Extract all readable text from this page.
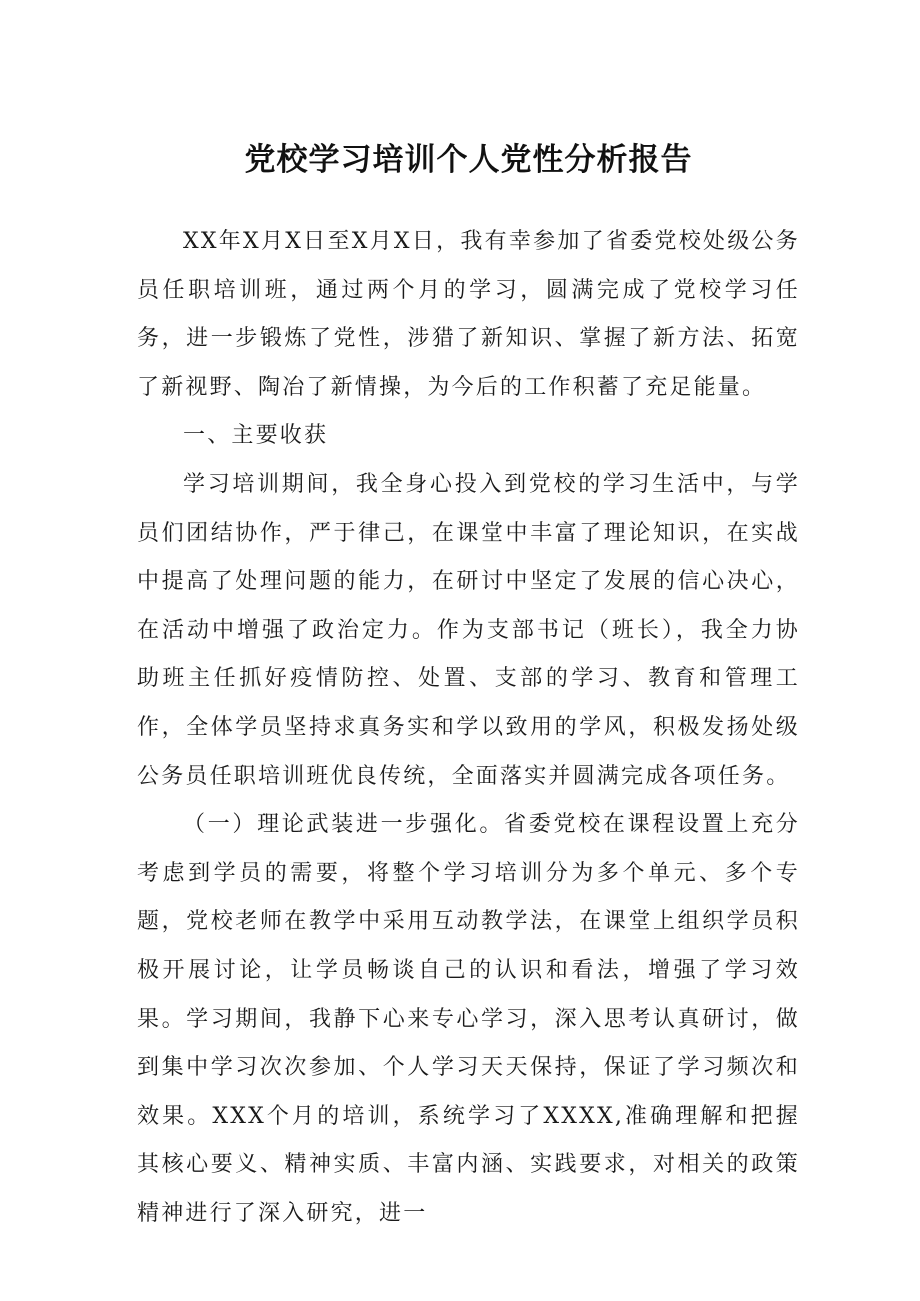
党校学习培训个人党性分析报告

XX年X月X日至X月X日，我有幸参加了省委党校处级公务员任职培训班，通过两个月的学习，圆满完成了党校学习任务，进一步锻炼了党性，涉猎了新知识、掌握了新方法、拓宽了新视野、陶冶了新情操，为今后的工作积蓄了充足能量。

一、主要收获

学习培训期间，我全身心投入到党校的学习生活中，与学员们团结协作，严于律己，在课堂中丰富了理论知识，在实战中提高了处理问题的能力，在研讨中坚定了发展的信心决心，在活动中增强了政治定力。作为支部书记（班长），我全力协助班主任抓好疫情防控、处置、支部的学习、教育和管理工作，全体学员坚持求真务实和学以致用的学风，积极发扬处级公务员任职培训班优良传统，全面落实并圆满完成各项任务。

（一）理论武装进一步强化。省委党校在课程设置上充分考虑到学员的需要，将整个学习培训分为多个单元、多个专题，党校老师在教学中采用互动教学法，在课堂上组织学员积极开展讨论，让学员畅谈自己的认识和看法，增强了学习效果。学习期间，我静下心来专心学习，深入思考认真研讨，做到集中学习次次参加、个人学习天天保持，保证了学习频次和效果。XXX个月的培训，系统学习了XXXX,准确理解和把握其核心要义、精神实质、丰富内涵、实践要求，对相关的政策精神进行了深入研究，进一
